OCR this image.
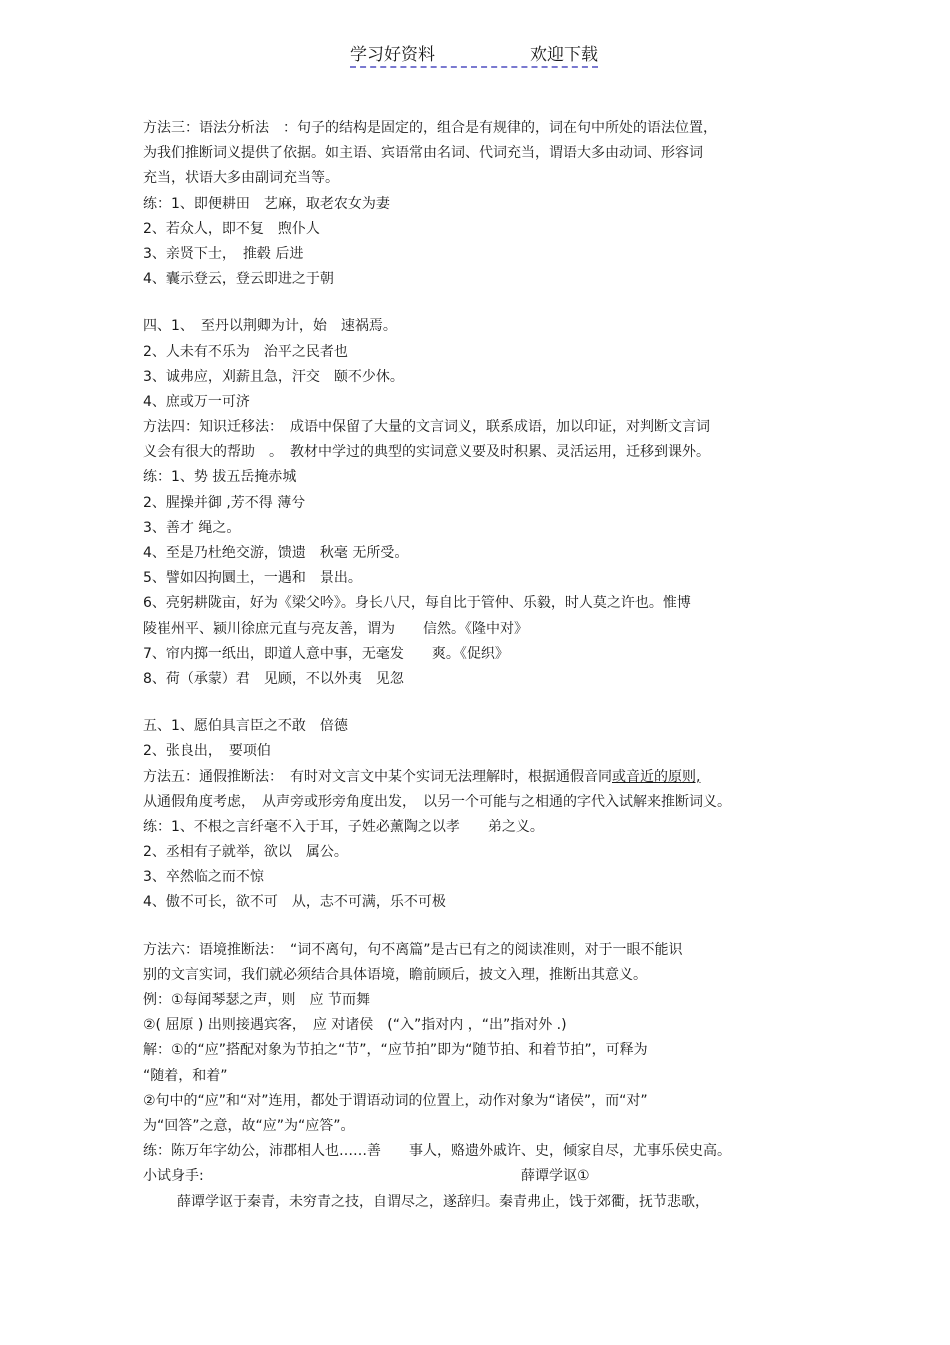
学习好资料	欢迎下载
方法三：语法分析法　：句子的结构是固定的，组合是有规律的，词在句中所处的语法位置，
为我们推断词义提供了依据。如主语、宾语常由名词、代词充当，谓语大多由动词、形容词
充当，状语大多由副词充当等。
练：1、即便耕田　艺麻，取老农女为妻
2、若众人，即不复　煦仆人
3、亲贤下士，　推毂 后进
4、囊示登云，登云即进之于朝
四、1、　至丹以荆卿为计，始　速祸焉。
2、人未有不乐为　治平之民者也
3、诚弗应，刈薪且急，汗交　颐不少休。
4、庶或万一可济
方法四：知识迁移法：　成语中保留了大量的文言词义，联系成语，加以印证，对判断文言词
义会有很大的帮助　。　教材中学过的典型的实词意义要及时积累、灵活运用，迁移到课外。
练：1、势 拔五岳掩赤城
2、腥操并御 ,芳不得 薄兮
3、善才 绳之。
4、至是乃杜绝交游，馈遗　秋毫 无所受。
5、譬如囚拘圜土，一遇和　景出。
6、亮躬耕陇亩，好为《梁父吟》。身长八尺，每自比于管仲、乐毅，时人莫之许也。惟博
陵崔州平、颍川徐庶元直与亮友善，谓为　　信然。《隆中对》
7、帘内掷一纸出，即道人意中事，无毫发　　爽。《促织》
8、荷（承蒙）君　见顾，不以外夷　见忽
五、1、愿伯具言臣之不敢　倍德
2、张良出，　要项伯
方法五：通假推断法：　有时对文言文中某个实词无法理解时，根据通假音同或音近的原则,
从通假角度考虑，　从声旁或形旁角度出发，　以另一个可能与之相通的字代入试解来推断词义。
练：1、不根之言纤毫不入于耳，子姓必薰陶之以孝　　弟之义。
2、丞相有子就举，欲以　属公。
3、卒然临之而不惊
4、傲不可长，欲不可　从，志不可满，乐不可极
方法六：语境推断法：　“词不离句，句不离篇”是古已有之的阅读准则，对于一眼不能识
别的文言实词，我们就必须结合具体语境，瞻前顾后，披文入理，推断出其意义。
例：①每闻琴瑟之声，则　应 节而舞
②( 屈原 ) 出则接遇宾客，　应 对诸侯　(“入”指对内 ，“出”指对外 .)
解：①的“应”搭配对象为节拍之“节”，“应节拍”即为“随节拍、和着节拍”，可释为
“随着，和着”
②句中的“应”和“对”连用，都处于谓语动词的位置上，动作对象为“诸侯”，而“对”
为“回答”之意，故“应”为“应答”。
练：陈万年字幼公，沛郡相人也……善　　事人，赂遗外戚许、史，倾家自尽，尤事乐侯史高。
小试身手:	薛谭学讴①
薛谭学讴于秦青，未穷青之技，自谓尽之，遂辞归。秦青弗止，饯于郊衢，抚节悲歌，
